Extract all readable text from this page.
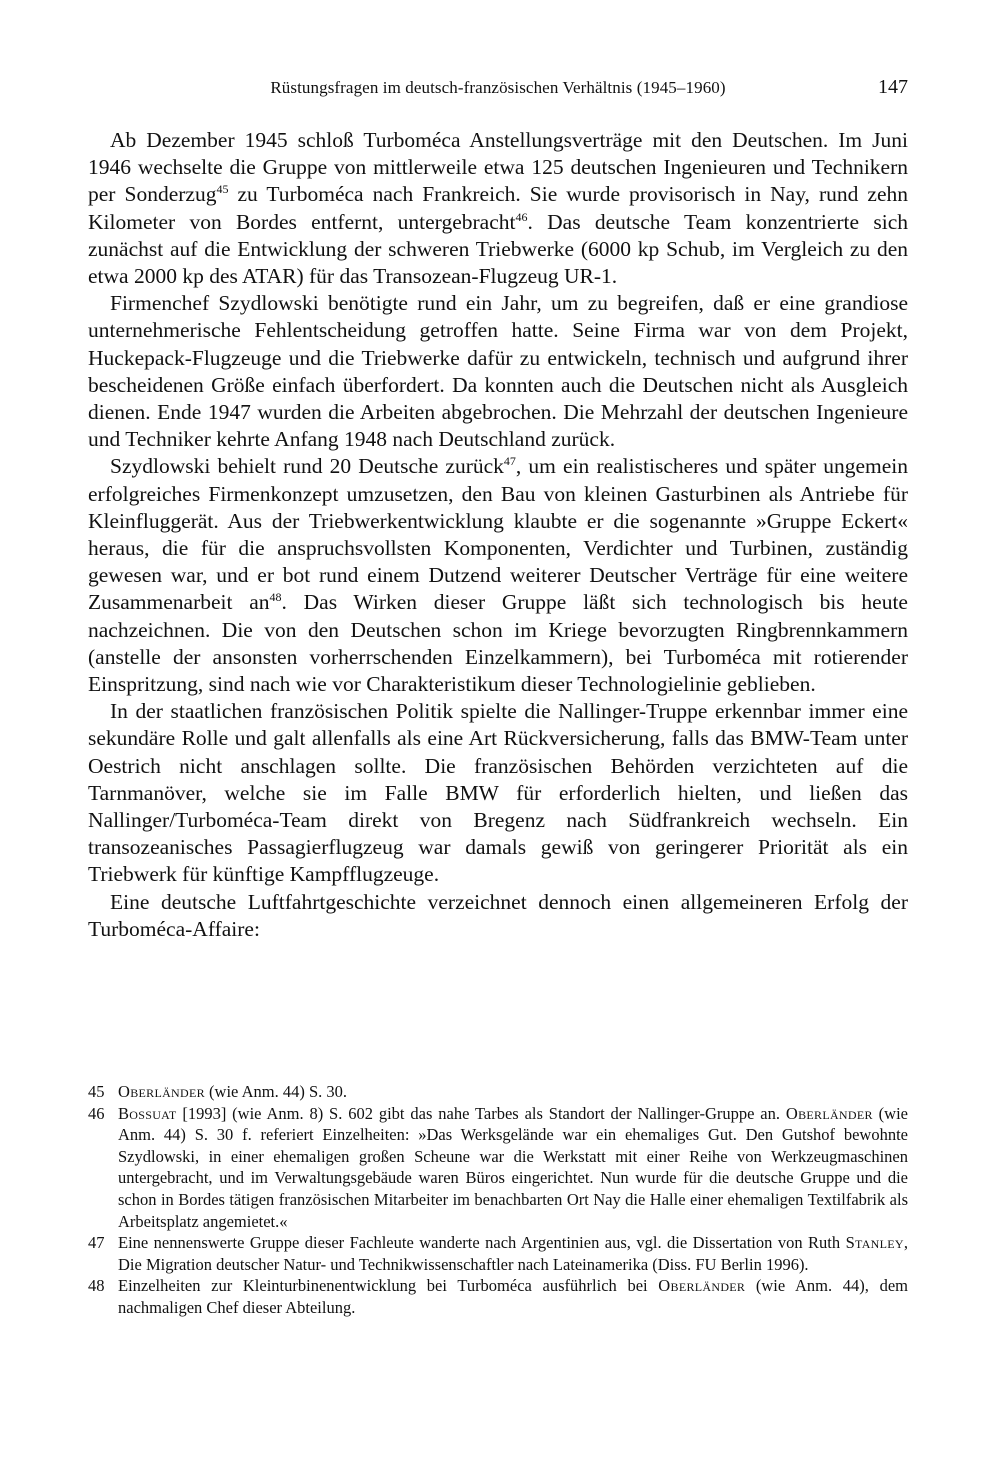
Rüstungsfragen im deutsch-französischen Verhältnis (1945–1960)	147

Ab Dezember 1945 schloß Turboméca Anstellungsverträge mit den Deutschen. Im Juni 1946 wechselte die Gruppe von mittlerweile etwa 125 deutschen Ingenieuren und Technikern per Sonderzug$^{45}$ zu Turboméca nach Frankreich. Sie wurde provisorisch in Nay, rund zehn Kilometer von Bordes entfernt, untergebracht$^{46}$. Das deutsche Team konzentrierte sich zunächst auf die Entwicklung der schweren Triebwerke (6000 kp Schub, im Vergleich zu den etwa 2000 kp des ATAR) für das Transozean-Flugzeug UR-1.

Firmenchef Szydlowski benötigte rund ein Jahr, um zu begreifen, daß er eine grandiose unternehmerische Fehlentscheidung getroffen hatte. Seine Firma war von dem Projekt, Huckepack-Flugzeuge und die Triebwerke dafür zu entwickeln, technisch und aufgrund ihrer bescheidenen Größe einfach überfordert. Da konnten auch die Deutschen nicht als Ausgleich dienen. Ende 1947 wurden die Arbeiten abgebrochen. Die Mehrzahl der deutschen Ingenieure und Techniker kehrte Anfang 1948 nach Deutschland zurück.

Szydlowski behielt rund 20 Deutsche zurück$^{47}$, um ein realistischeres und später ungemein erfolgreiches Firmenkonzept umzusetzen, den Bau von kleinen Gasturbinen als Antriebe für Kleinfluggerät. Aus der Triebwerkentwicklung klaubte er die sogenannte »Gruppe Eckert« heraus, die für die anspruchsvollsten Komponenten, Verdichter und Turbinen, zuständig gewesen war, und er bot rund einem Dutzend weiterer Deutscher Verträge für eine weitere Zusammenarbeit $an^{48}$. Das Wirken dieser Gruppe läßt sich technologisch bis heute nachzeichnen. Die von den Deutschen schon im Kriege bevorzugten Ringbrennkammern (anstelle der ansonsten vorherrschenden Einzelkammern), bei Turboméca mit rotierender Einspritzung, sind nach wie vor Charakteristikum dieser Technologielinie geblieben.

In der staatlichen französischen Politik spielte die Nallinger-Truppe erkennbar immer eine sekundäre Rolle und galt allenfalls als eine Art Rückversicherung, falls das BMW-Team unter Oestrich nicht anschlagen sollte. Die französischen Behörden verzichteten auf die Tarnmanöver, welche sie im Falle BMW für erforderlich hielten, und ließen das Nallinger/Turboméca-Team direkt von Bregenz nach Südfrankreich wechseln. Ein transozeanisches Passagierflugzeug war damals gewiß von geringerer Priorität als ein Triebwerk für künftige Kampfflugzeuge.

Eine deutsche Luftfahrtgeschichte verzeichnet dennoch einen allgemeineren Erfolg der Turboméca-Affaire:

45 Oberländer (wie Anm. 44) S. 30.

46 Bossuat [1993] (wie Anm. 8) S. 602 gibt das nahe Tarbes als Standort der Nallinger-Gruppe an. Oberländer (wie Anm. 44) S. 30 f. referiert Einzelheiten: »Das Werksgelände war ein ehemaliges Gut. Den Gutshof bewohnte Szydlowski, in einer ehemaligen großen Scheune war die Werkstatt mit einer Reihe von Werkzeugmaschinen untergebracht, und im Verwaltungsgebäude waren Büros eingerichtet. Nun wurde für die deutsche Gruppe und die schon in Bordes tätigen französischen Mitarbeiter im benachbarten Ort Nay die Halle einer ehemaligen Textilfabrik als Arbeitsplatz angemietet.«

47 Eine nennenswerte Gruppe dieser Fachleute wanderte nach Argentinien aus, vgl. die Dissertation von Ruth Stanley, Die Migration deutscher Natur- und Technikwissenschaftler nach Lateinamerika (Diss. FU Berlin 1996).

48 Einzelheiten zur Kleinturbinenentwicklung bei Turboméca ausführlich bei Oberländer (wie Anm. 44), dem nachmaligen Chef dieser Abteilung.
